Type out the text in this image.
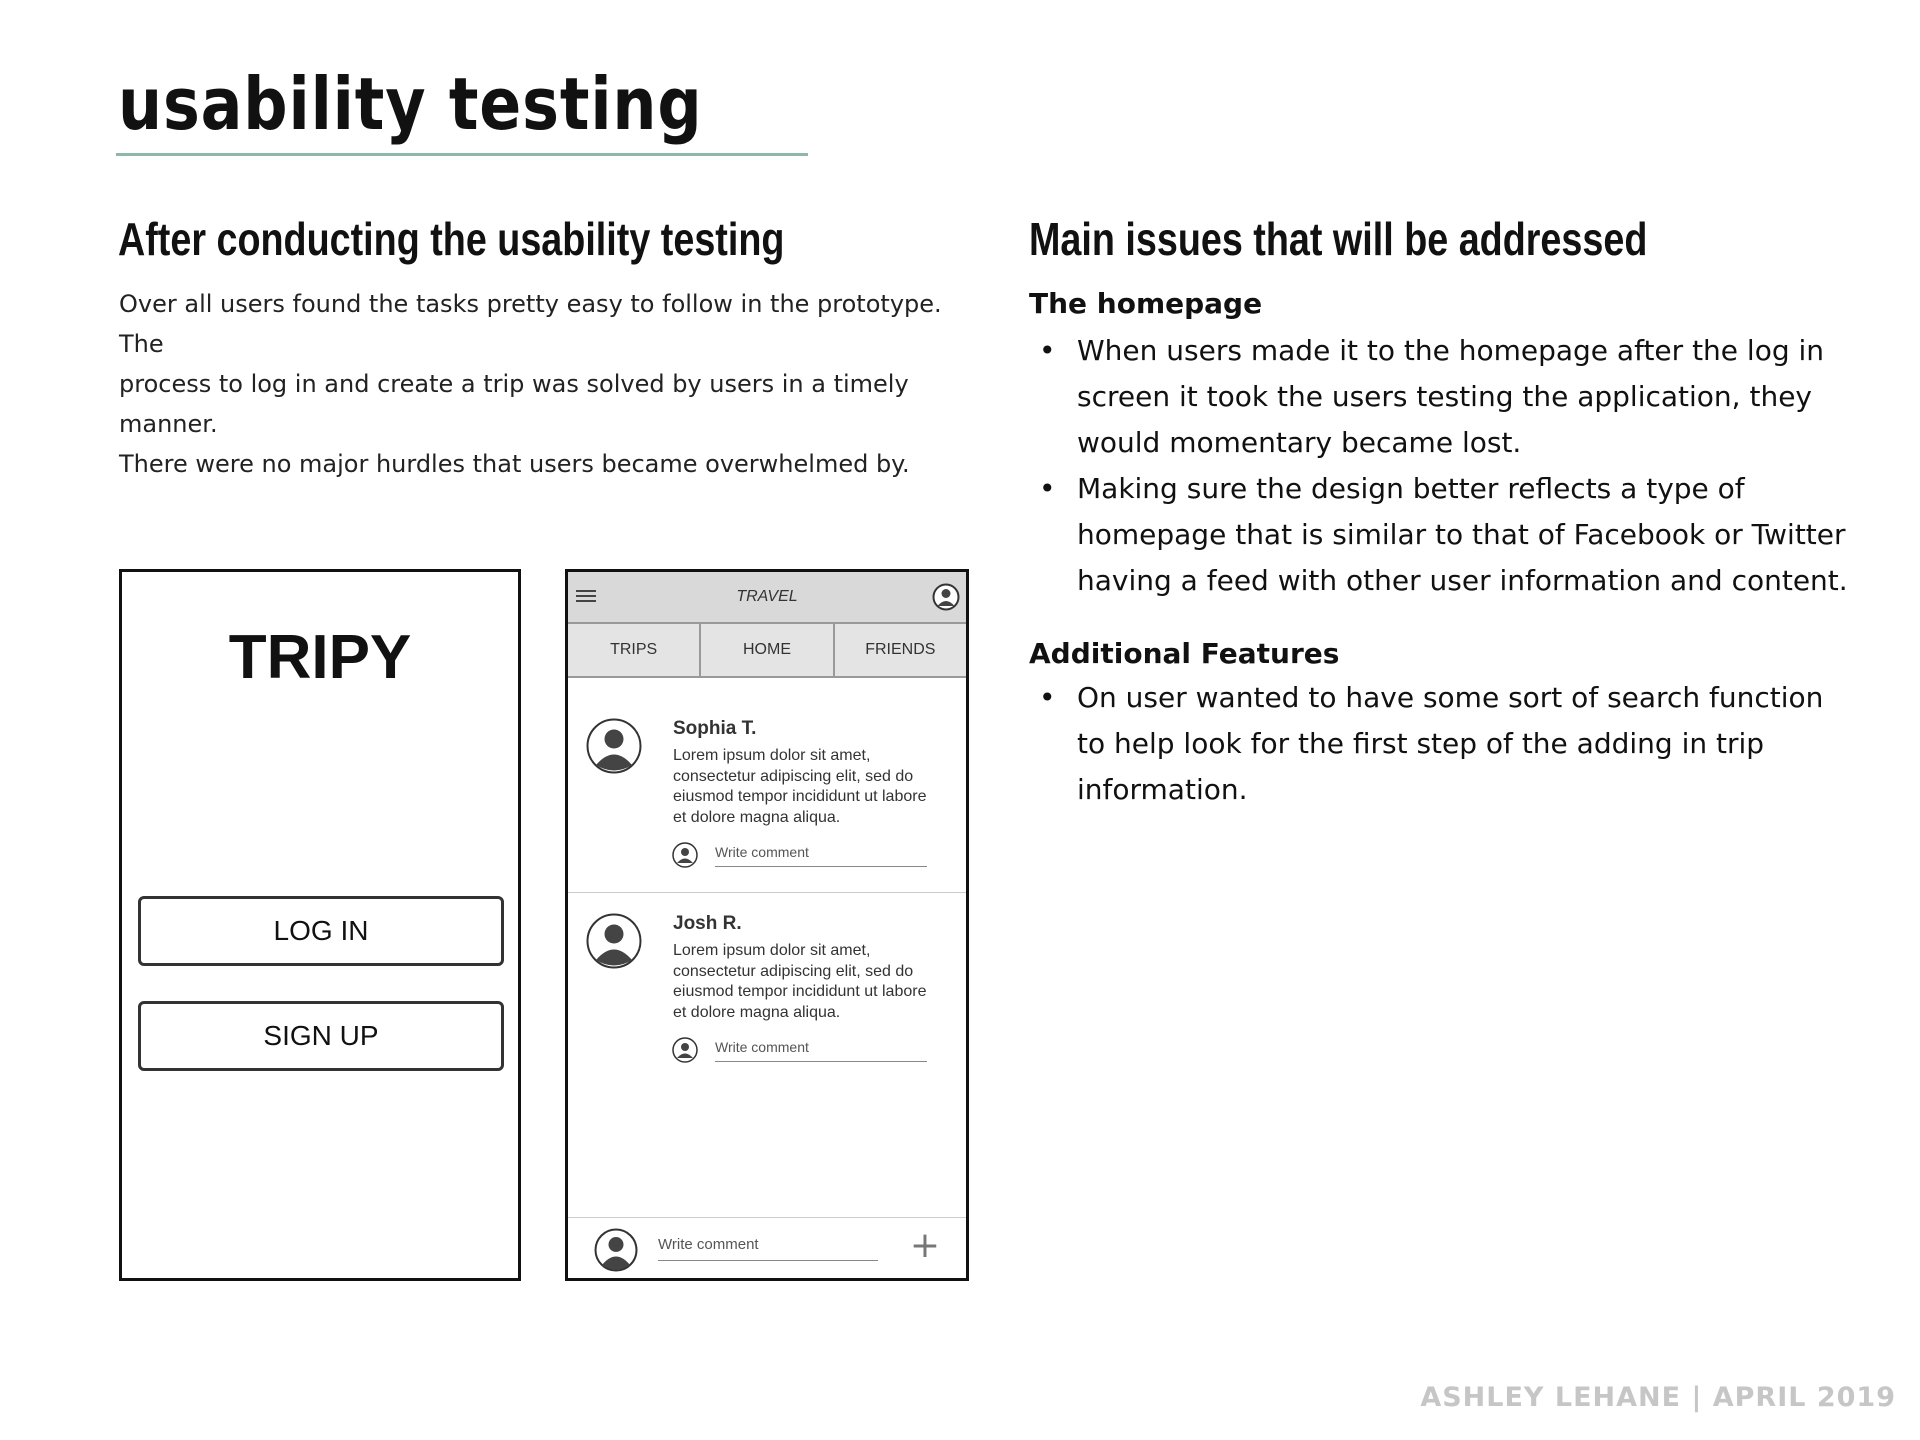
usability testing
After conducting the usability testing
Over all users found the tasks pretty easy to follow in the prototype. The
process to log in and create a trip was solved by users in a timely manner.
There were no major hurdles that users became overwhelmed by.
Main issues that will be addressed
The homepage
• When users made it to the homepage after the log in
screen it took the users testing the application, they
would momentary became lost.
• Making sure the design better reflects a type of
homepage that is similar to that of Facebook or Twitter
having a feed with other user information and content.
Additional Features
• On user wanted to have some sort of search function
to help look for the first step of the adding in trip
information.
TRIPY
LOG IN
SIGN UP
TRAVEL
TRIPS	HOME	FRIENDS
Sophia T.
Lorem ipsum dolor sit amet,
consectetur adipiscing elit, sed do
eiusmod tempor incididunt ut labore
et dolore magna aliqua.
Write comment
Josh R.
Lorem ipsum dolor sit amet,
consectetur adipiscing elit, sed do
eiusmod tempor incididunt ut labore
et dolore magna aliqua.
Write comment
Write comment	+
ASHLEY LEHANE | APRIL 2019
